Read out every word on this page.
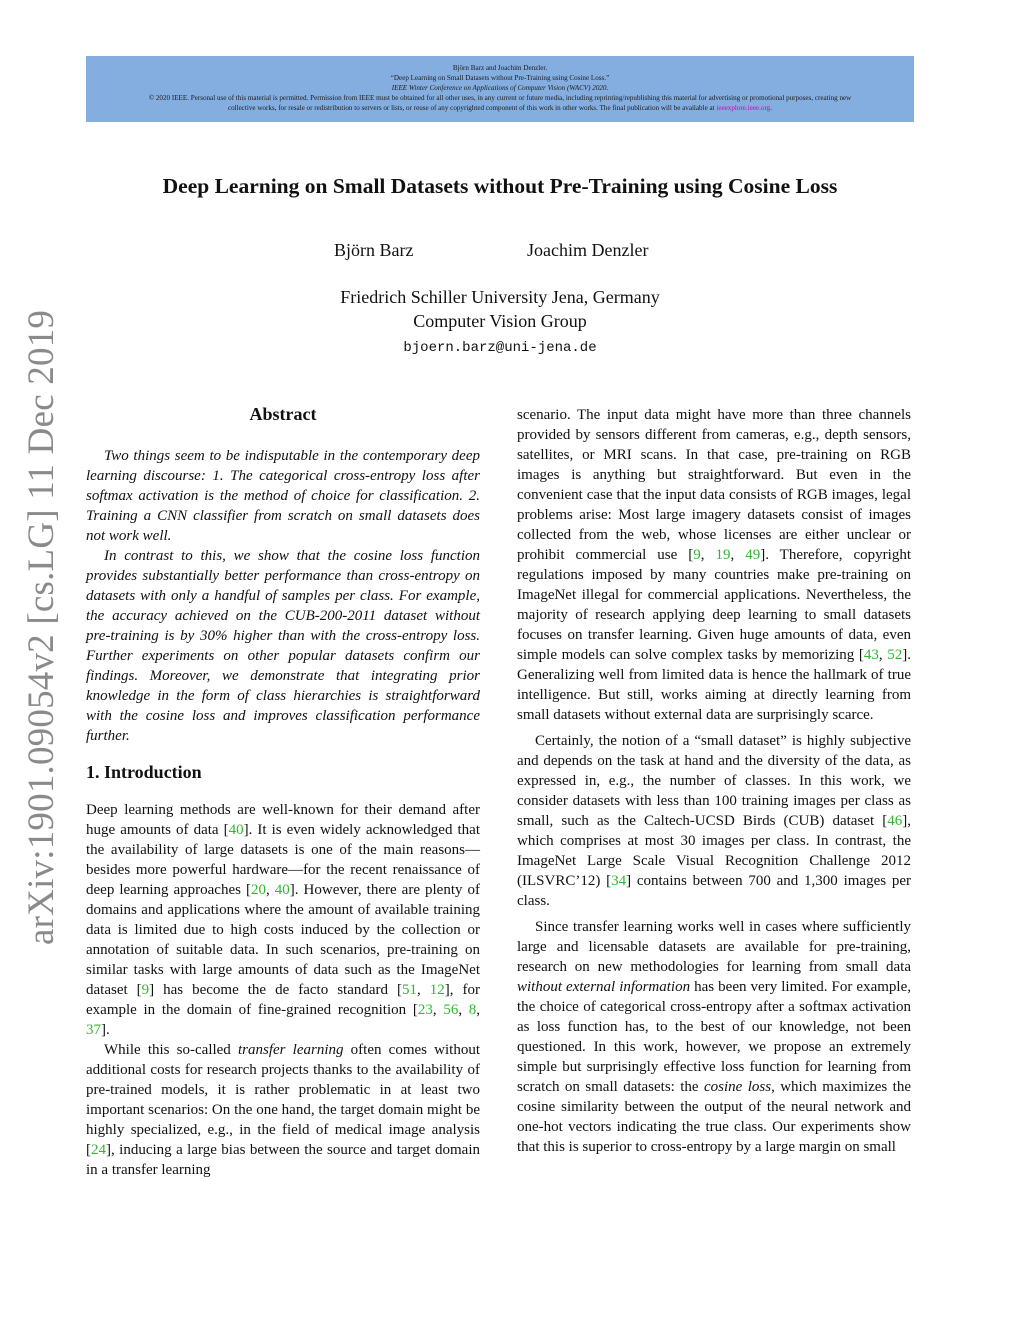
Björn Barz and Joachim Denzler.
“Deep Learning on Small Datasets without Pre-Training using Cosine Loss.”
IEEE Winter Conference on Applications of Computer Vision (WACV) 2020.
© 2020 IEEE. Personal use of this material is permitted. Permission from IEEE must be obtained for all other uses, in any current or future media, including reprinting/republishing this material for advertising or promotional purposes, creating new
collective works, for resale or redistribution to servers or lists, or reuse of any copyrighted component of this work in other works. The final publication will be available at ieeexplore.ieee.org.
arXiv:1901.09054v2 [cs.LG] 11 Dec 2019
Deep Learning on Small Datasets without Pre-Training using Cosine Loss
Björn Barz	Joachim Denzler
Friedrich Schiller University Jena, Germany
Computer Vision Group
bjoern.barz@uni-jena.de
Abstract

Two things seem to be indisputable in the contemporary deep learning discourse: 1. The categorical cross-entropy loss after softmax activation is the method of choice for classification. 2. Training a CNN classifier from scratch on small datasets does not work well.

In contrast to this, we show that the cosine loss function provides substantially better performance than cross-entropy on datasets with only a handful of samples per class. For example, the accuracy achieved on the CUB-200-2011 dataset without pre-training is by 30% higher than with the cross-entropy loss. Further experiments on other popular datasets confirm our findings. Moreover, we demonstrate that integrating prior knowledge in the form of class hierarchies is straightforward with the cosine loss and improves classification performance further.

1. Introduction

Deep learning methods are well-known for their demand after huge amounts of data [40]. It is even widely acknowledged that the availability of large datasets is one of the main reasons—besides more powerful hardware—for the recent renaissance of deep learning approaches [20, 40]. However, there are plenty of domains and applications where the amount of available training data is limited due to high costs induced by the collection or annotation of suitable data. In such scenarios, pre-training on similar tasks with large amounts of data such as the ImageNet dataset [9] has become the de facto standard [51, 12], for example in the domain of fine-grained recognition [23, 56, 8, 37].

While this so-called transfer learning often comes without additional costs for research projects thanks to the availability of pre-trained models, it is rather problematic in at least two important scenarios: On the one hand, the target domain might be highly specialized, e.g., in the field of medical image analysis [24], inducing a large bias between the source and target domain in a transfer learning

scenario. The input data might have more than three channels provided by sensors different from cameras, e.g., depth sensors, satellites, or MRI scans. In that case, pre-training on RGB images is anything but straightforward. But even in the convenient case that the input data consists of RGB images, legal problems arise: Most large imagery datasets consist of images collected from the web, whose licenses are either unclear or prohibit commercial use [9, 19, 49]. Therefore, copyright regulations imposed by many countries make pre-training on ImageNet illegal for commercial applications. Nevertheless, the majority of research applying deep learning to small datasets focuses on transfer learning. Given huge amounts of data, even simple models can solve complex tasks by memorizing [43, 52]. Generalizing well from limited data is hence the hallmark of true intelligence. But still, works aiming at directly learning from small datasets without external data are surprisingly scarce.

Certainly, the notion of a “small dataset” is highly subjective and depends on the task at hand and the diversity of the data, as expressed in, e.g., the number of classes. In this work, we consider datasets with less than 100 training images per class as small, such as the Caltech-UCSD Birds (CUB) dataset [46], which comprises at most 30 images per class. In contrast, the ImageNet Large Scale Visual Recognition Challenge 2012 (ILSVRC’12) [34] contains between 700 and 1,300 images per class.

Since transfer learning works well in cases where sufficiently large and licensable datasets are available for pre-training, research on new methodologies for learning from small data without external information has been very limited. For example, the choice of categorical cross-entropy after a softmax activation as loss function has, to the best of our knowledge, not been questioned. In this work, however, we propose an extremely simple but surprisingly effective loss function for learning from scratch on small datasets: the cosine loss, which maximizes the cosine similarity between the output of the neural network and one-hot vectors indicating the true class. Our experiments show that this is superior to cross-entropy by a large margin on small
